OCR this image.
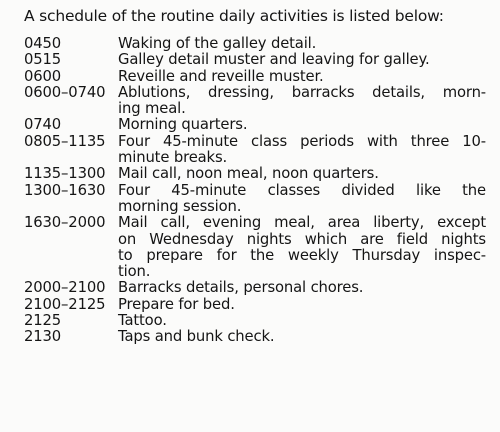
A schedule of the routine daily activities is listed below:
0450	Waking of the galley detail.
0515	Galley detail muster and leaving for galley.
0600	Reveille and reveille muster.
0600–0740 Ablutions, dressing, barracks details, morn-
ing meal.
0740	Morning quarters.
0805–1135 Four 45-minute class periods with three 10-
minute breaks.
1135–1300 Mail call, noon meal, noon quarters.
1300–1630 Four 45-minute classes divided like the
morning session.
1630–2000 Mail call, evening meal, area liberty, except
on Wednesday nights which are field nights
to prepare for the weekly Thursday inspec-
tion.
2000–2100 Barracks details, personal chores.
2100–2125 Prepare for bed.
2125	Tattoo.
2130	Taps and bunk check.
